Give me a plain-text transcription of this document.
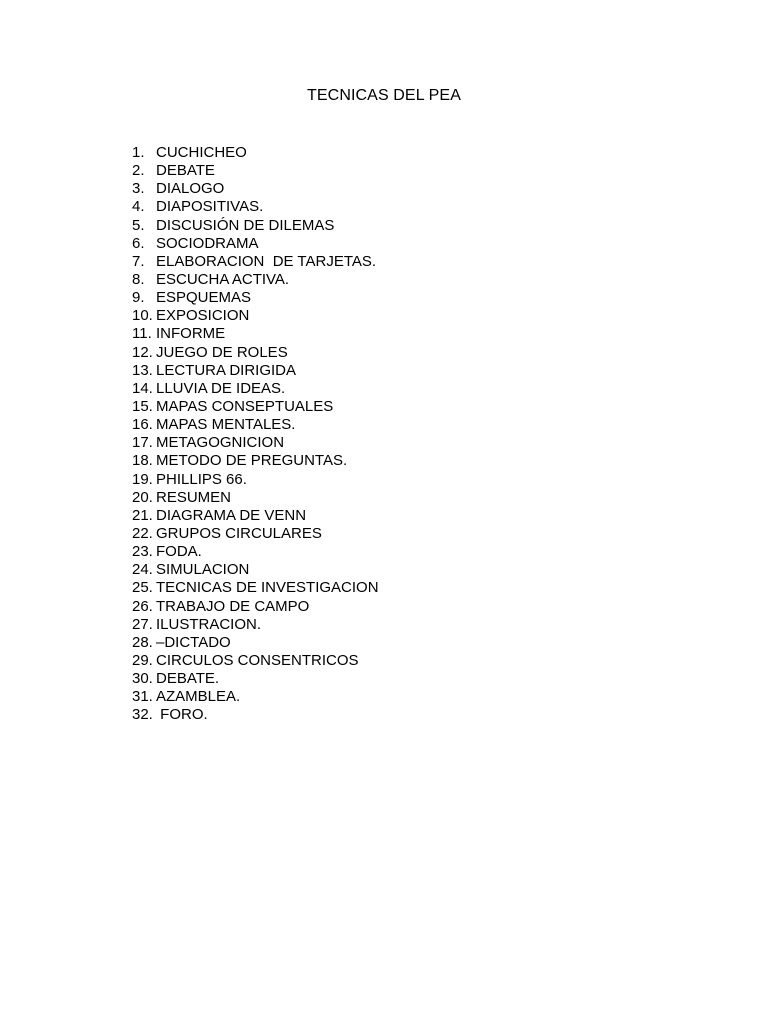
TECNICAS DEL PEA
1. CUCHICHEO
2. DEBATE
3. DIALOGO
4. DIAPOSITIVAS.
5. DISCUSIÓN DE DILEMAS
6. SOCIODRAMA
7. ELABORACION  DE TARJETAS.
8. ESCUCHA ACTIVA.
9. ESPQUEMAS
10. EXPOSICION
11. INFORME
12. JUEGO DE ROLES
13. LECTURA DIRIGIDA
14. LLUVIA DE IDEAS.
15. MAPAS CONSEPTUALES
16. MAPAS MENTALES.
17. METAGOGNICION
18. METODO DE PREGUNTAS.
19. PHILLIPS 66.
20. RESUMEN
21. DIAGRAMA DE VENN
22. GRUPOS CIRCULARES
23. FODA.
24. SIMULACION
25. TECNICAS DE INVESTIGACION
26. TRABAJO DE CAMPO
27. ILUSTRACION.
28. –DICTADO
29. CIRCULOS CONSENTRICOS
30. DEBATE.
31. AZAMBLEA.
32. FORO.
